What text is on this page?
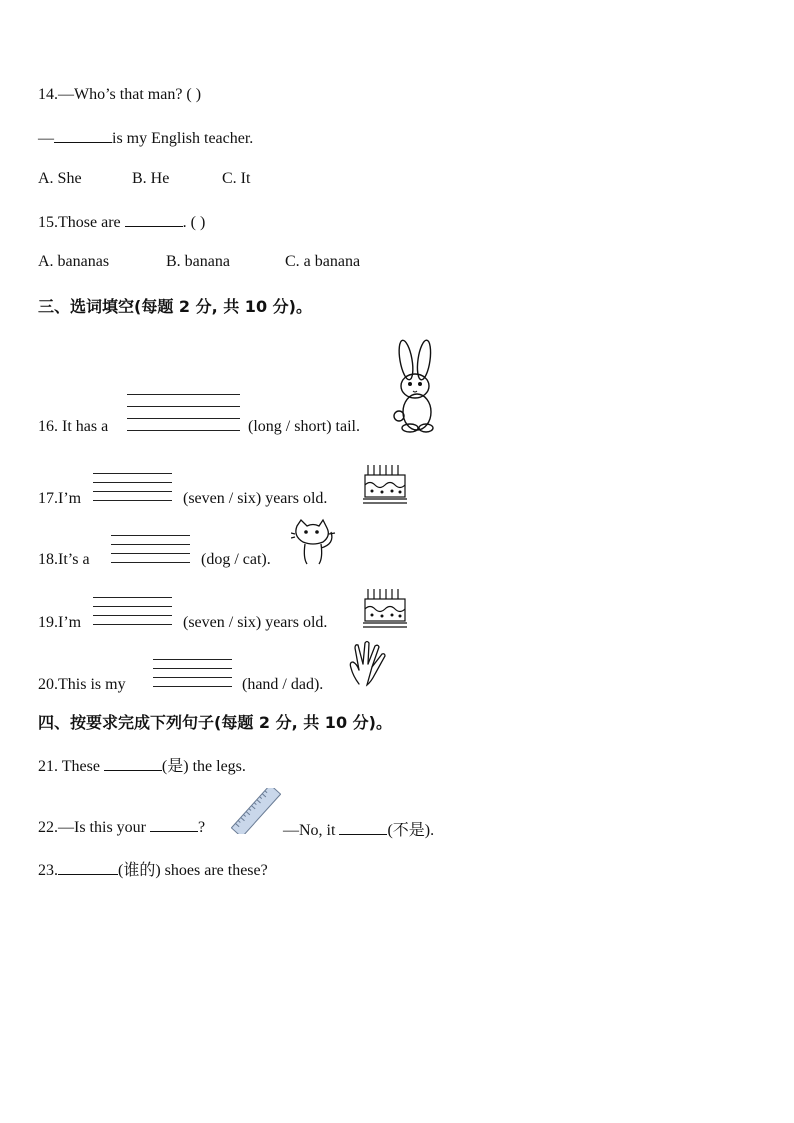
14.—Who’s that man? ( )
—	is my English teacher.
A. She	B. He	C. It
15.Those are	. ( )
A. bananas	B. banana	C. a banana
三、选词填空(每题 2 分, 共 10 分)。
16. It has a	(long / short) tail.
17.I’m	(seven / six) years old.
18.It’s a	(dog / cat).
19.I’m	(seven / six) years old.
20.This is my	(hand / dad).
四、按要求完成下列句子(每题 2 分, 共 10 分)。
21. These	(是) the legs.
22.—Is this your	?	—No, it	(不是).
23.	(谁的) shoes are these?
